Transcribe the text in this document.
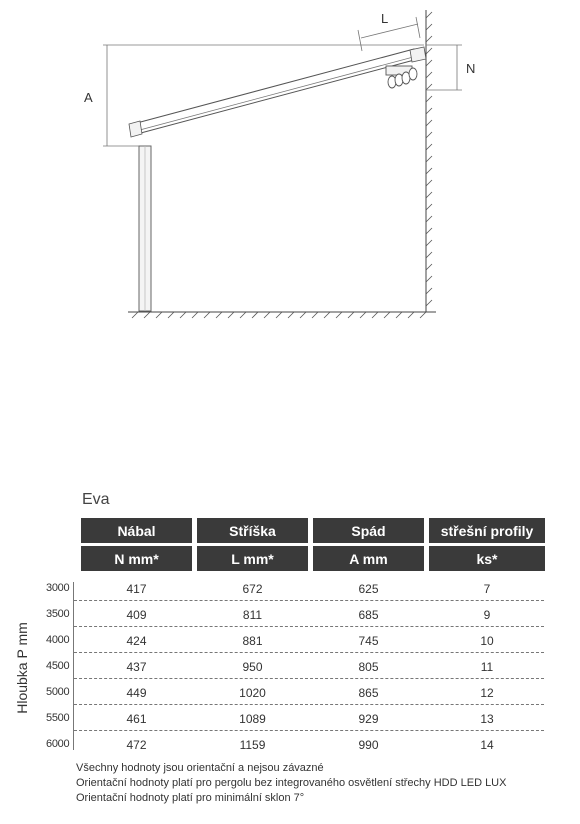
A
L
N
Eva
Nábal	Stříška	Spád	střešní profily
N mm*	L mm*	A mm	ks*
Hloubka P mm
3000	417	672	625	7
3500	409	811	685	9
4000	424	881	745	10
4500	437	950	805	11
5000	449	1020	865	12
5500	461	1089	929	13
6000	472	1159	990	14
Všechny hodnoty jsou orientační a nejsou závazné
Orientační hodnoty platí pro pergolu bez integrovaného osvětlení střechy HDD LED LUX
Orientační hodnoty platí pro minimální sklon 7°
